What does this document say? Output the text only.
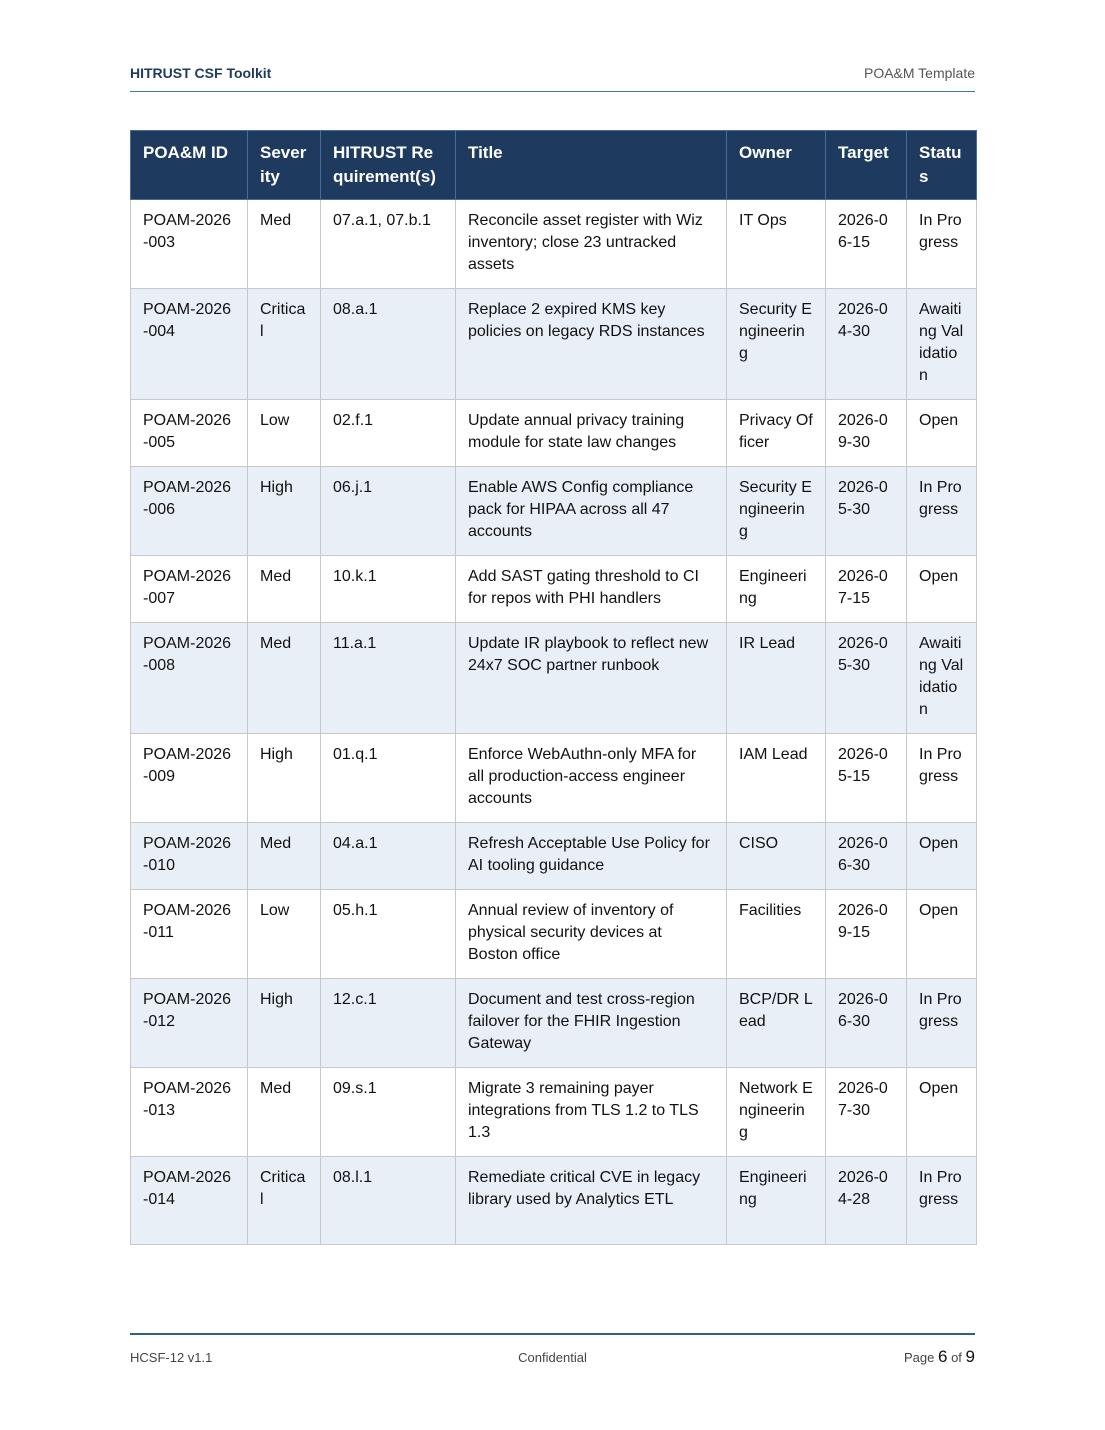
HITRUST CSF Toolkit	POA&M Template
POA&M ID	Severity	HITRUST Requirement(s)	Title	Owner	Target	Status
POAM-2026-003	Med	07.a.1, 07.b.1	Reconcile asset register with Wiz inventory; close 23 untracked assets	IT Ops	2026-06-15	In Progress
POAM-2026-004	Critical	08.a.1	Replace 2 expired KMS key policies on legacy RDS instances	Security Engineering	2026-04-30	Awaiting Validation
POAM-2026-005	Low	02.f.1	Update annual privacy training module for state law changes	Privacy Officer	2026-09-30	Open
POAM-2026-006	High	06.j.1	Enable AWS Config compliance pack for HIPAA across all 47 accounts	Security Engineering	2026-05-30	In Progress
POAM-2026-007	Med	10.k.1	Add SAST gating threshold to CI for repos with PHI handlers	Engineering	2026-07-15	Open
POAM-2026-008	Med	11.a.1	Update IR playbook to reflect new 24x7 SOC partner runbook	IR Lead	2026-05-30	Awaiting Validation
POAM-2026-009	High	01.q.1	Enforce WebAuthn-only MFA for all production-access engineer accounts	IAM Lead	2026-05-15	In Progress
POAM-2026-010	Med	04.a.1	Refresh Acceptable Use Policy for AI tooling guidance	CISO	2026-06-30	Open
POAM-2026-011	Low	05.h.1	Annual review of inventory of physical security devices at Boston office	Facilities	2026-09-15	Open
POAM-2026-012	High	12.c.1	Document and test cross-region failover for the FHIR Ingestion Gateway	BCP/DR Lead	2026-06-30	In Progress
POAM-2026-013	Med	09.s.1	Migrate 3 remaining payer integrations from TLS 1.2 to TLS 1.3	Network Engineering	2026-07-30	Open
POAM-2026-014	Critical	08.l.1	Remediate critical CVE in legacy library used by Analytics ETL	Engineering	2026-04-28	In Progress
HCSF-12 v1.1	Confidential	Page 6 of 9
